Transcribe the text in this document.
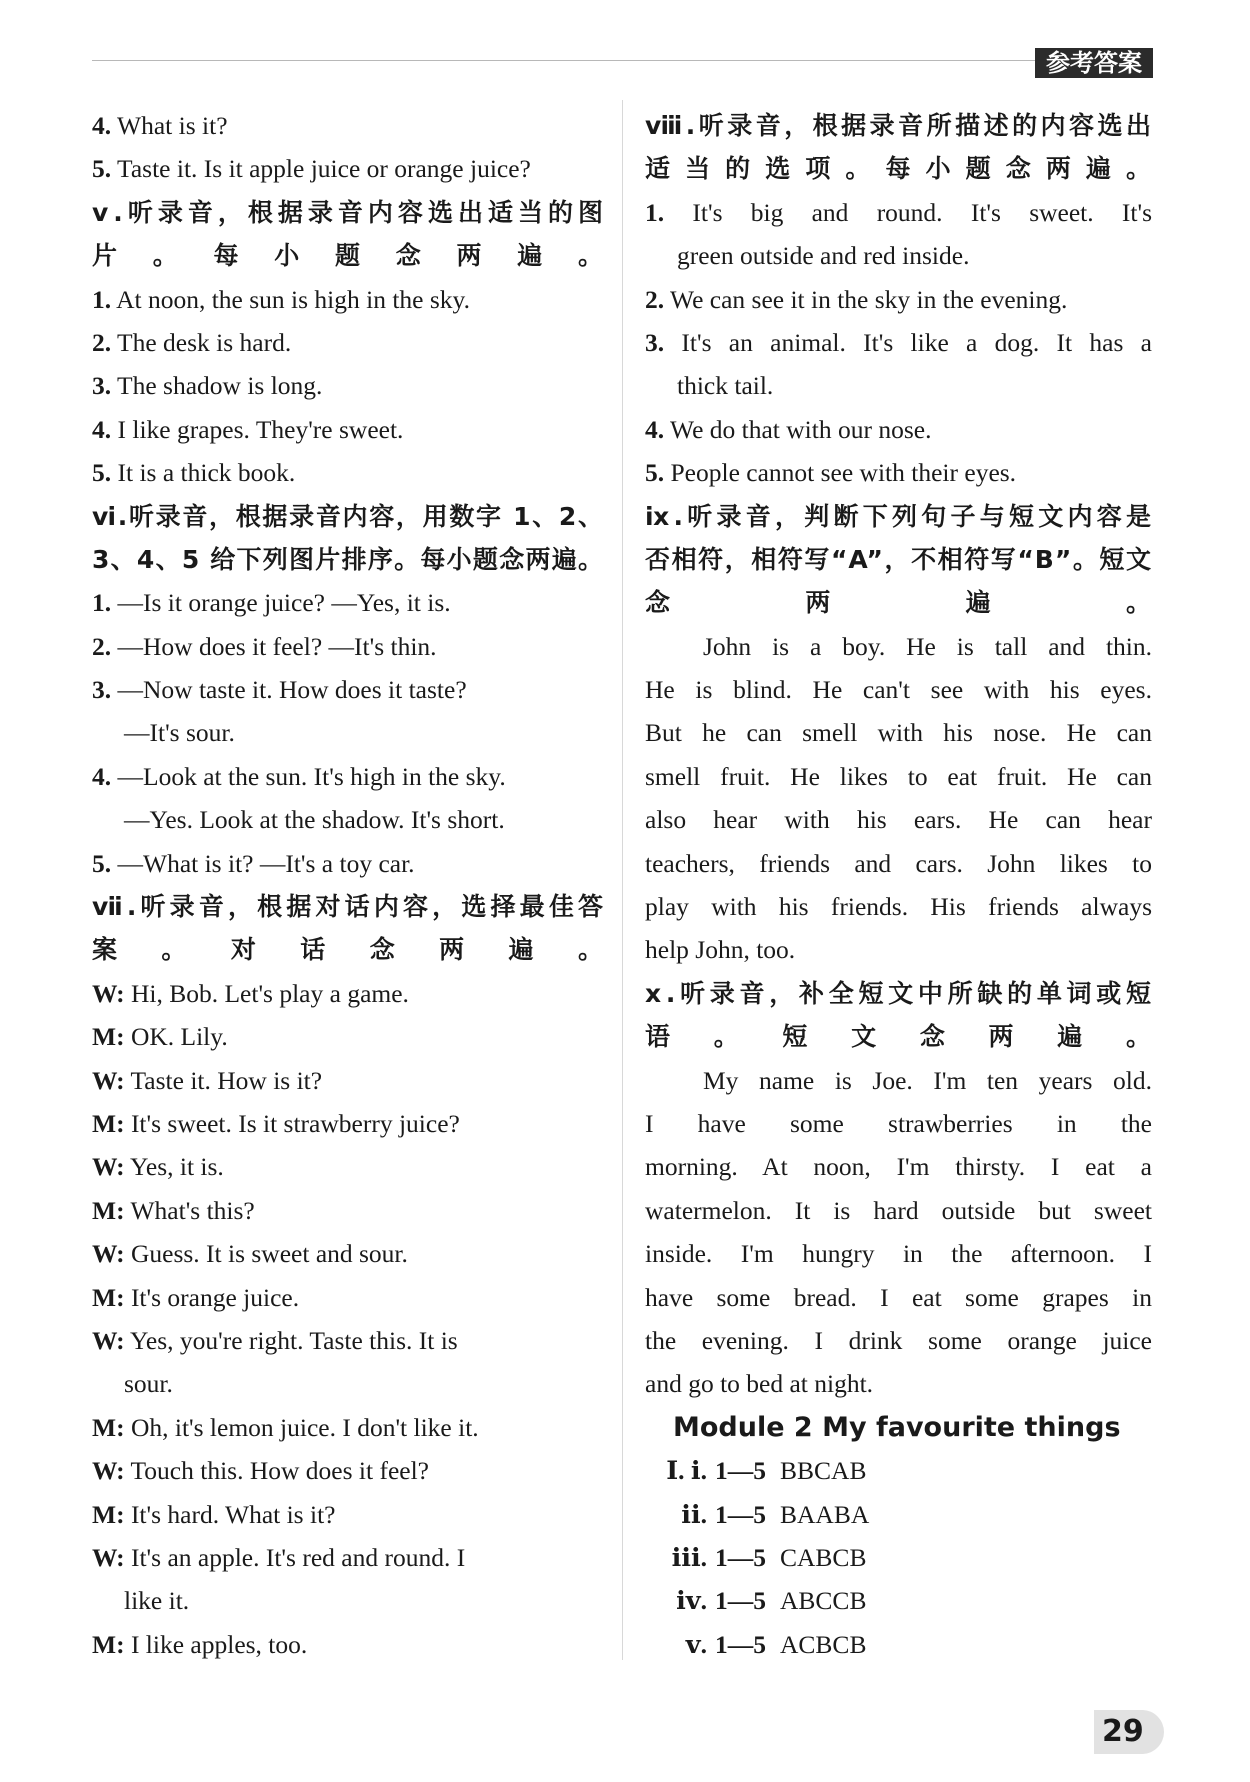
参考答案
4. What is it?
5. Taste it. Is it apple juice or orange juice?
ⅴ.听录音，根据录音内容选出适当的图
片。每小题念两遍。
1. At noon, the sun is high in the sky.
2. The desk is hard.
3. The shadow is long.
4. I like grapes. They're sweet.
5. It is a thick book.
ⅵ.听录音，根据录音内容，用数字 1、2、
3、4、5 给下列图片排序。每小题念两遍。
1. —Is it orange juice? —Yes, it is.
2. —How does it feel? —It's thin.
3. —Now taste it. How does it taste?
—It's sour.
4. —Look at the sun. It's high in the sky.
—Yes. Look at the shadow. It's short.
5. —What is it? —It's a toy car.
ⅶ.听录音，根据对话内容，选择最佳答
案。对话念两遍。
W: Hi, Bob. Let's play a game.
M: OK. Lily.
W: Taste it. How is it?
M: It's sweet. Is it strawberry juice?
W: Yes, it is.
M: What's this?
W: Guess. It is sweet and sour.
M: It's orange juice.
W: Yes, you're right. Taste this. It is
sour.
M: Oh, it's lemon juice. I don't like it.
W: Touch this. How does it feel?
M: It's hard. What is it?
W: It's an apple. It's red and round. I
like it.
M: I like apples, too.
ⅷ.听录音，根据录音所描述的内容选出
适当的选项。每小题念两遍。
1. It's big and round. It's sweet. It's
green outside and red inside.
2. We can see it in the sky in the evening.
3. It's an animal. It's like a dog. It has a
thick tail.
4. We do that with our nose.
5. People cannot see with their eyes.
ⅸ.听录音，判断下列句子与短文内容是
否相符，相符写“A”，不相符写“B”。短文
念两遍。
John is a boy. He is tall and thin.
He is blind. He can't see with his eyes.
But he can smell with his nose. He can
smell fruit. He likes to eat fruit. He can
also hear with his ears. He can hear
teachers, friends and cars. John likes to
play with his friends. His friends always
help John, too.
ⅹ.听录音，补全短文中所缺的单词或短
语。短文念两遍。
My name is Joe. I'm ten years old.
I have some strawberries in the
morning. At noon, I'm thirsty. I eat a
watermelon. It is hard outside but sweet
inside. I'm hungry in the afternoon. I
have some bread. I eat some grapes in
the evening. I drink some orange juice
and go to bed at night.
Module 2 My favourite things
Ⅰ. ⅰ. 1—5 BBCAB
ⅱ. 1—5 BAABA
ⅲ. 1—5 CABCB
ⅳ. 1—5 ABCCB
ⅴ. 1—5 ACBCB
29
